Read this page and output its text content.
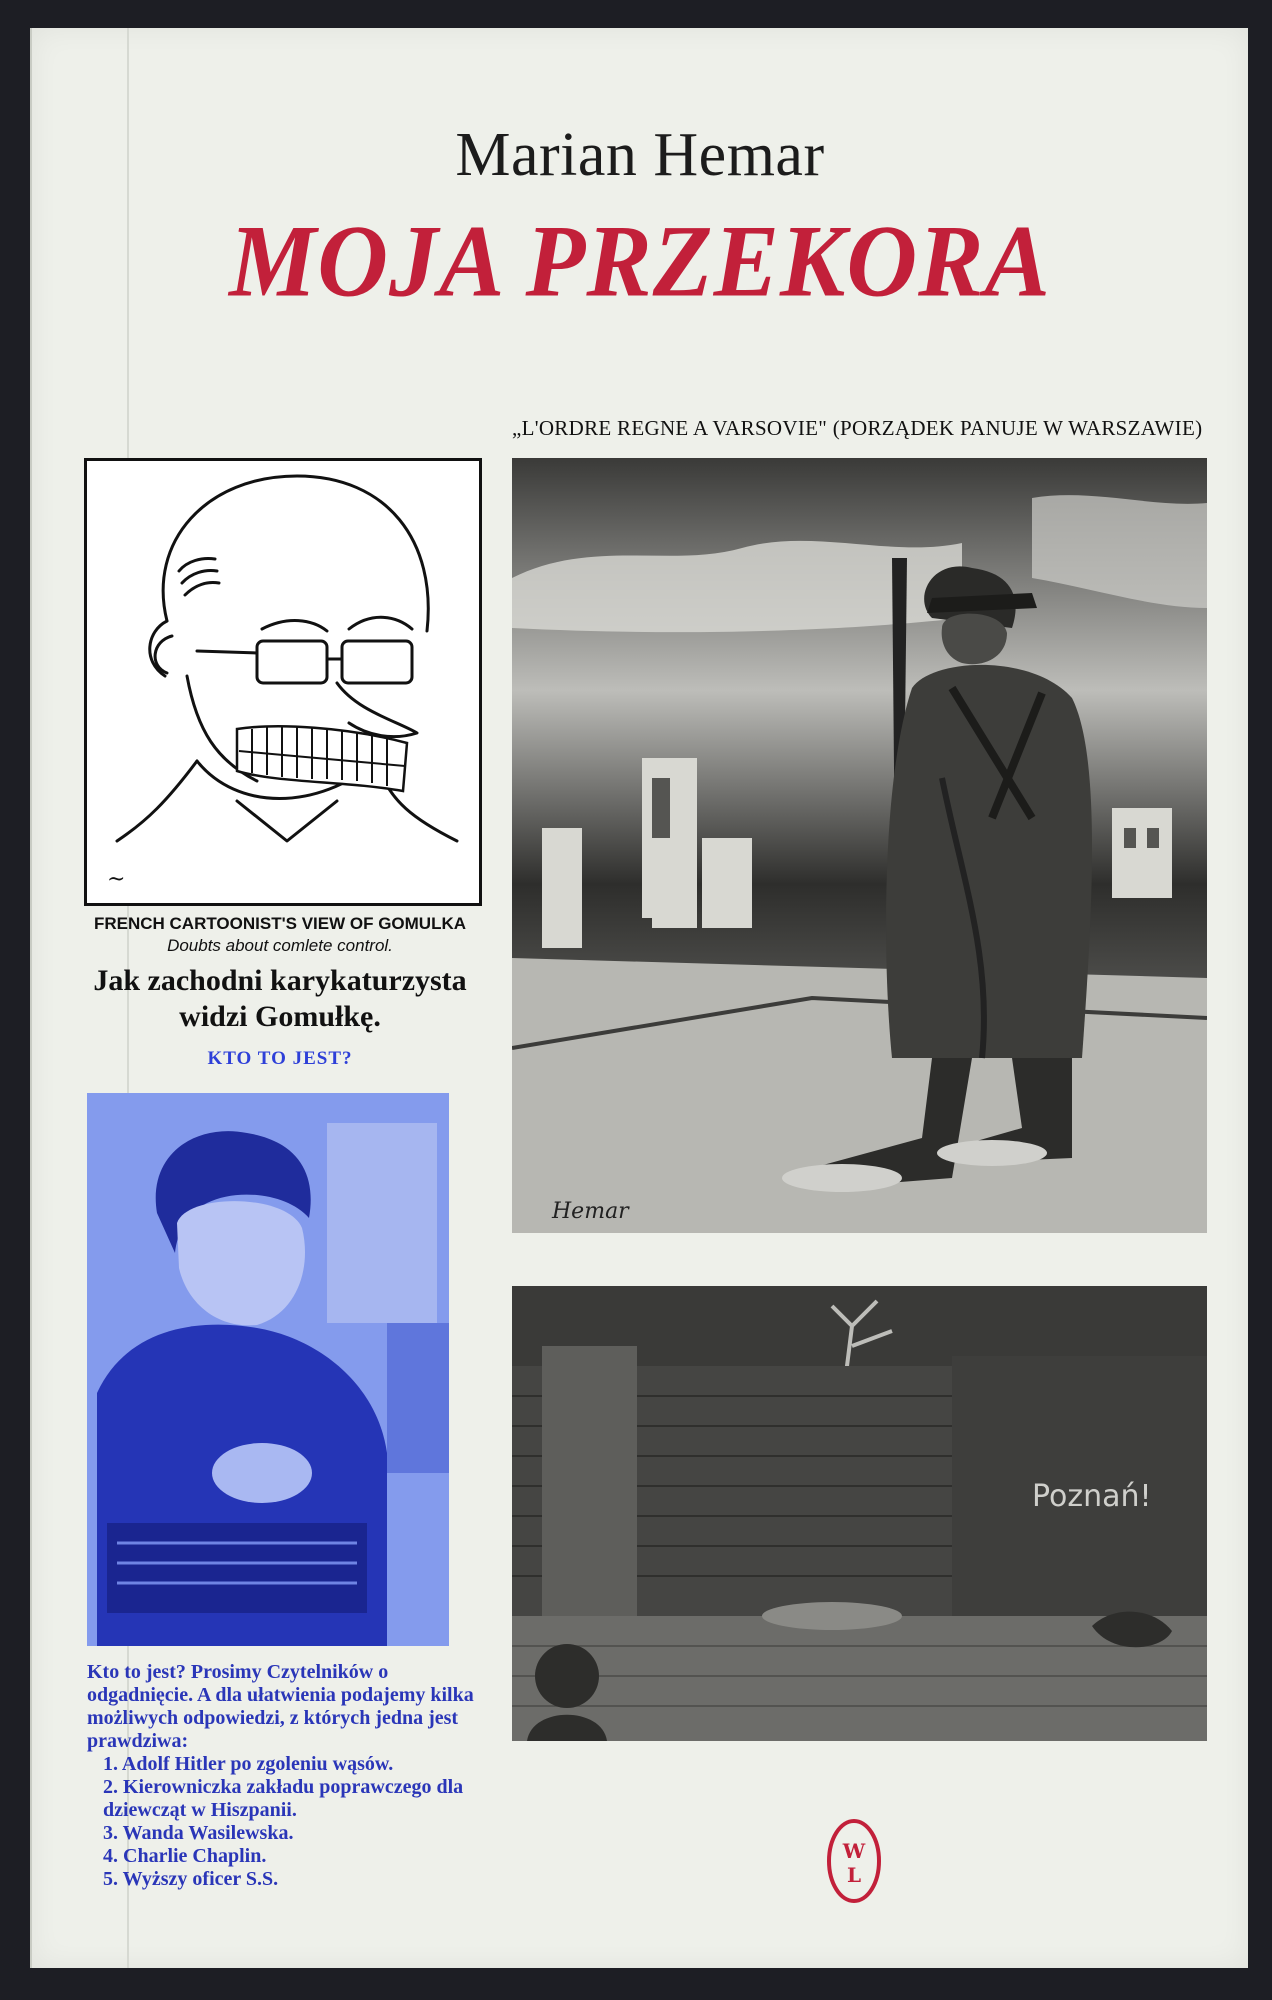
Marian Hemar
MOJA PRZEKORA
„L'ORDRE REGNE A VARSOVIE" (PORZĄDEK PANUJE W WARSZAWIE)
~
FRENCH CARTOONIST'S VIEW OF GOMULKA
Doubts about comlete control.
Jak zachodni karykaturzysta widzi Gomułkę.
KTO TO JEST?

Kto to jest? Prosimy Czytelników o odgadnięcie. A dla ułatwienia podajemy kilka możliwych odpowiedzi, z których jedna jest prawdziwa:

1. Adolf Hitler po zgoleniu wąsów.

2. Kierowniczka zakładu poprawczego dla dziewcząt w Hiszpanii.

3. Wanda Wasilewska.

4. Charlie Chaplin.

5. Wyższy oficer S.S.

Hemar
Poznań!
W
L
